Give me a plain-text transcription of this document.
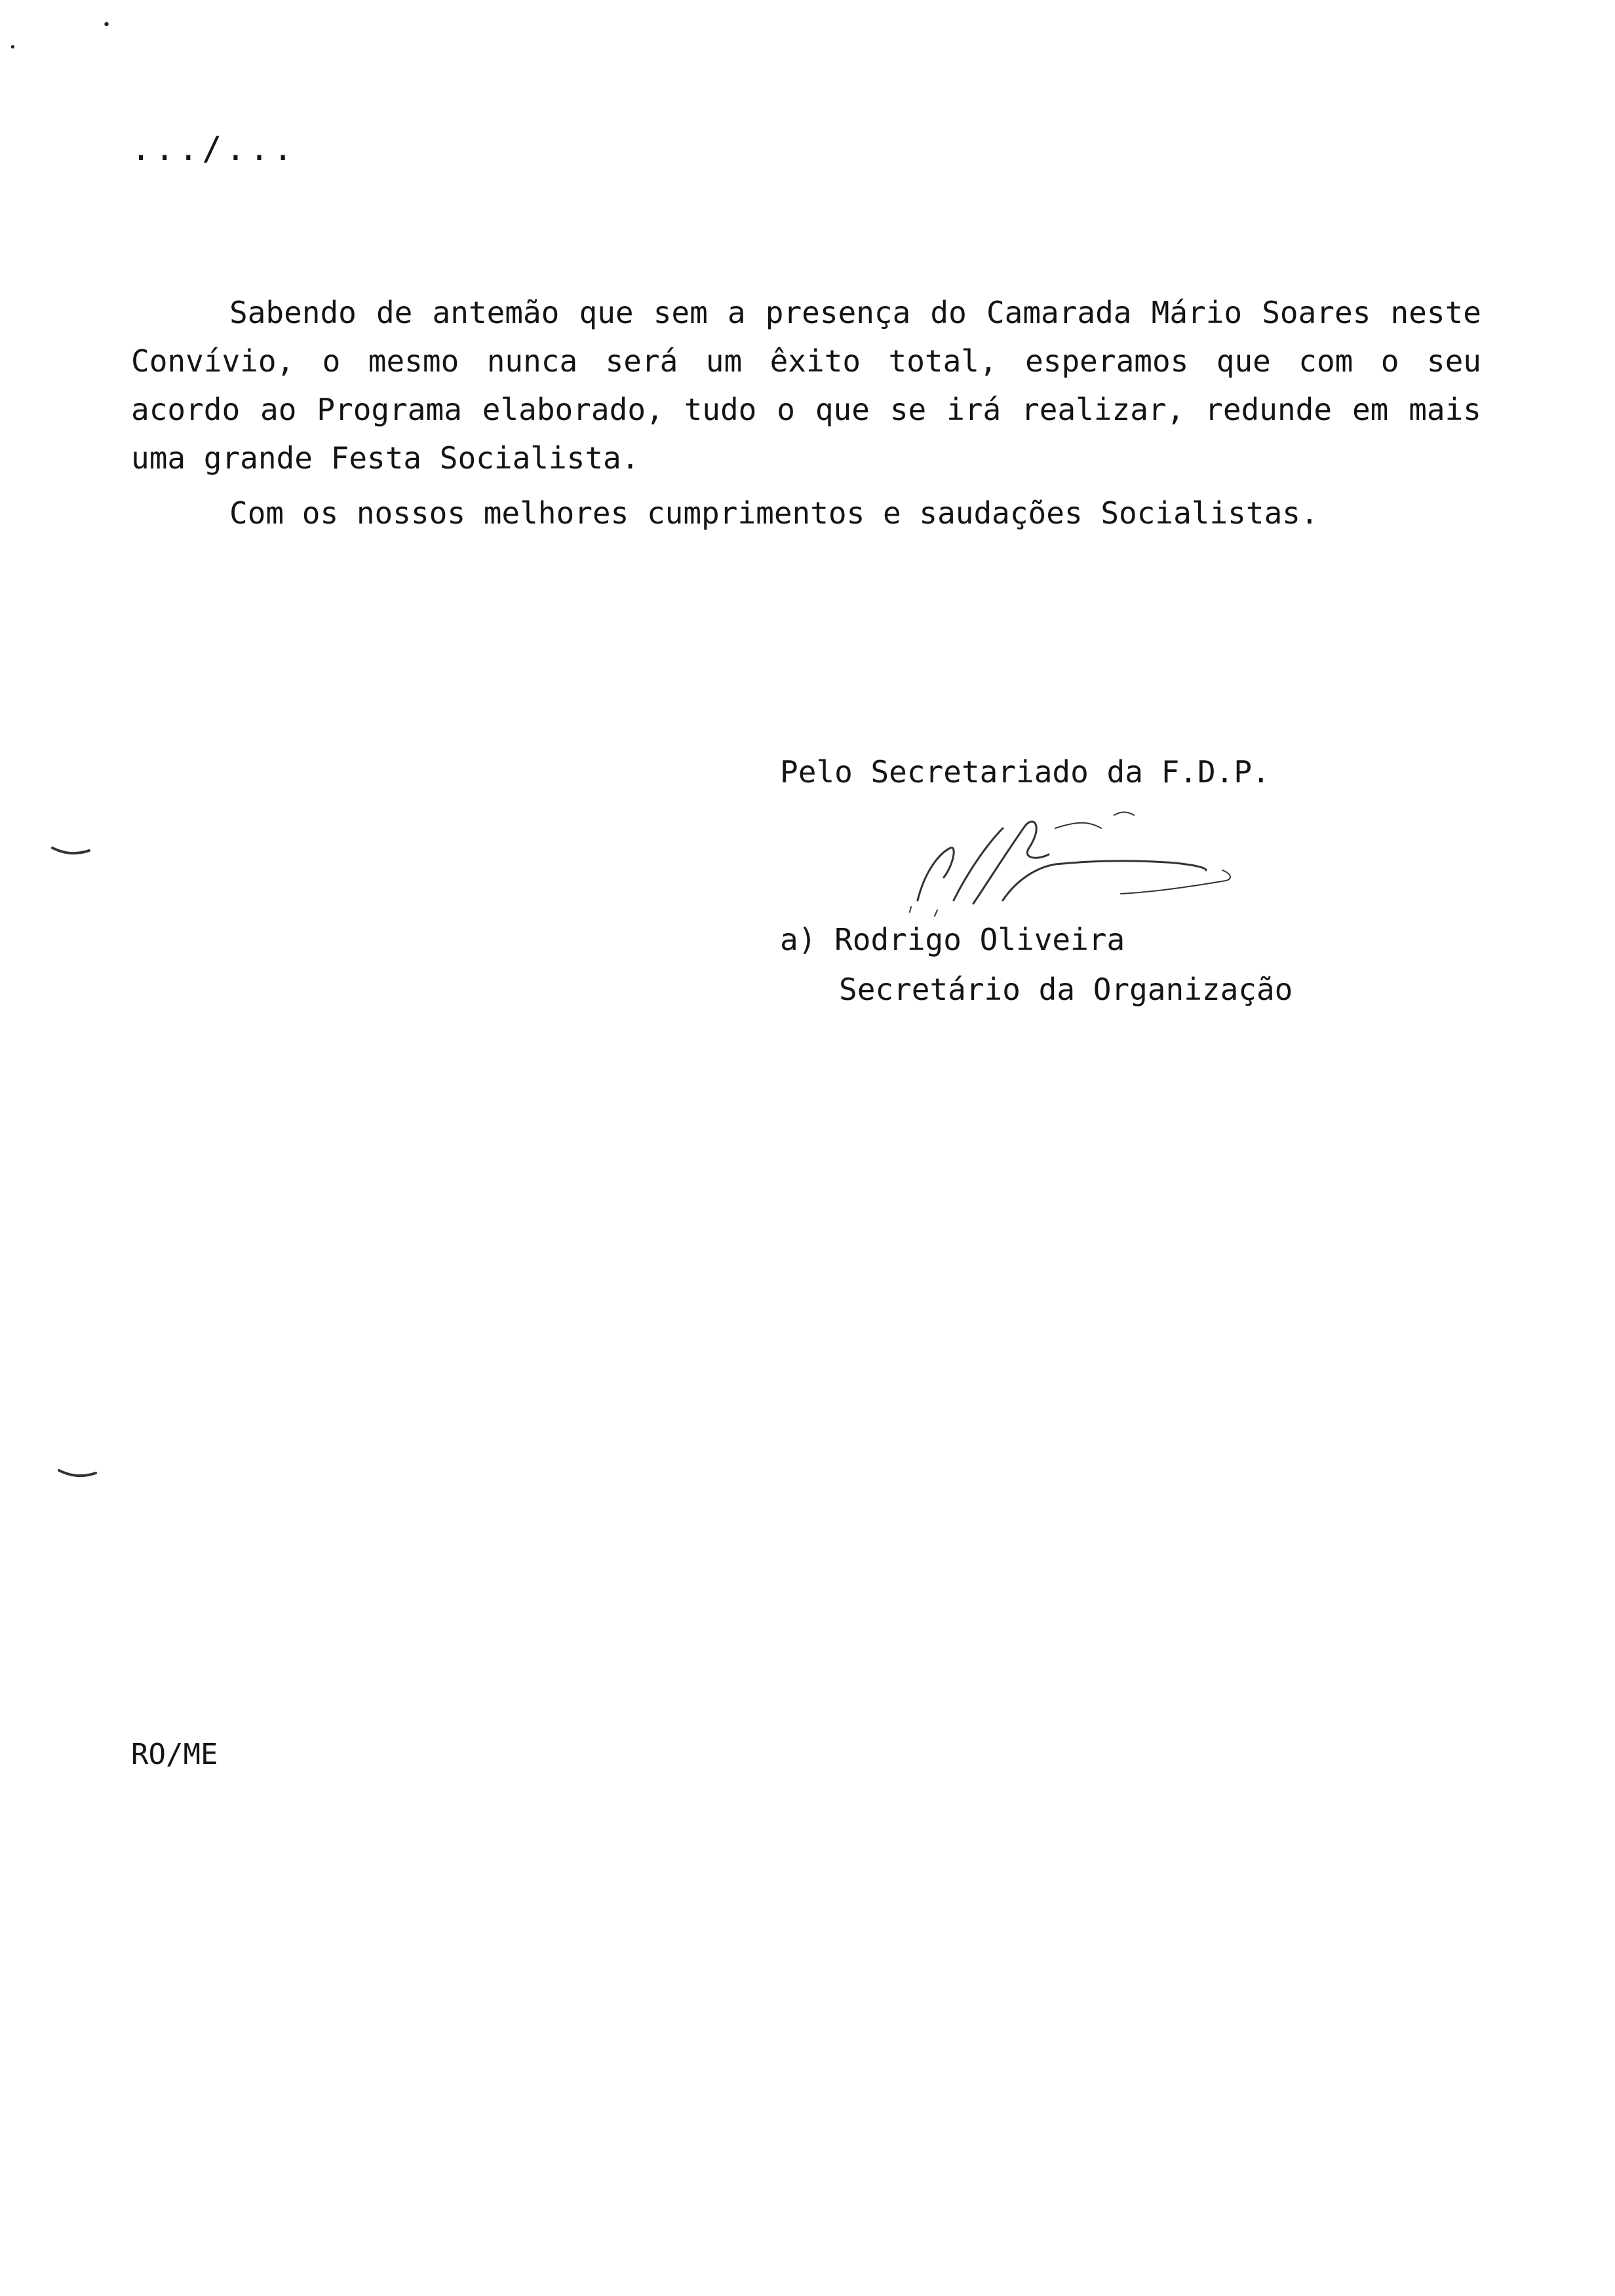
•
•
.../...

Sabendo de antemão que sem a presença do Camarada Mário Soares neste Convívio, o mesmo nunca será um êxito total, esperamos que com o seu acordo ao Programa elaborado, tudo o que se irá realizar, redunde em mais uma grande Festa Socialista.

Com os nossos melhores cumprimentos e saudações Socialistas.

Pelo Secretariado da F.D.P.

a) Rodrigo Oliveira

Secretário da Organização

RO/ME
